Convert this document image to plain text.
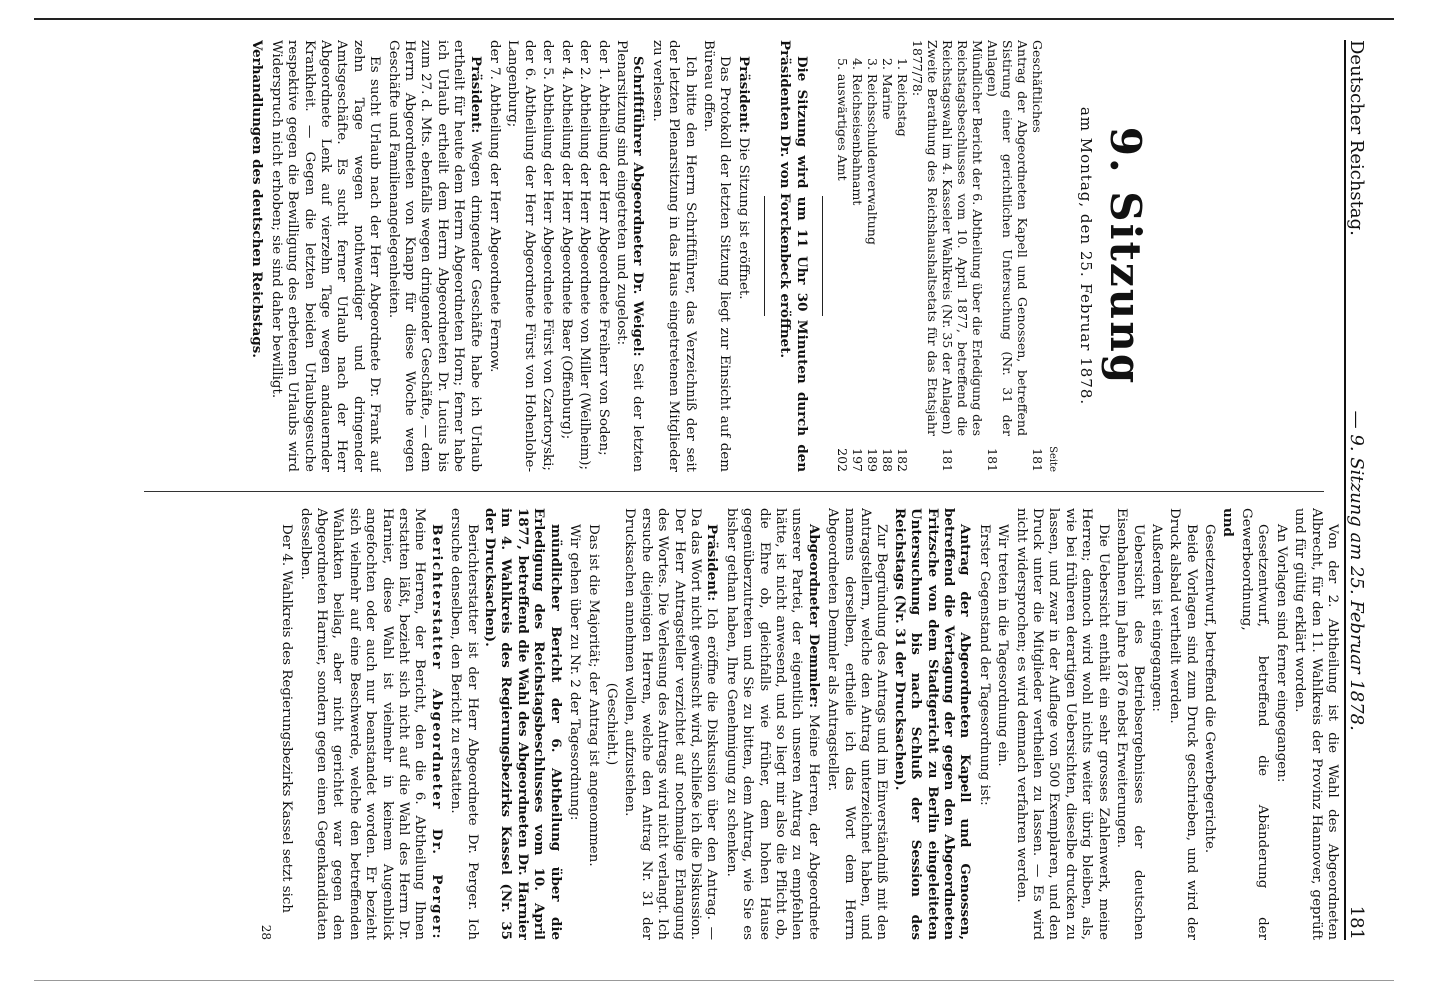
Deutscher Reichstag.
— 9. Sitzung am 25. Februar 1878.
181
9. Sitzung
am Montag, den 25. Februar 1878.
	Seite
Geschäftliches	181
Antrag der Abgeordneten Kapell und Genossen, betreffend Sistirung einer gerichtlichen Untersuchung (Nr. 31 der Anlagen)	181
Mündlicher Bericht der 6. Abtheilung über die Erledigung des Reichstagsbeschlusses vom 10. April 1877, betreffend die Reichstagswahl im 4. Kasseler Wahlkreis (Nr. 35 der Anlagen)	181
Zweite Berathung des Reichshaushaltsetats für das Etatsjahr 1877/78:	
1. Reichstag	182
2. Marine	188
3. Reichsschuldenverwaltung	189
4. Reichseisenbahnamt	197
5. auswärtiges Amt	202

Die Sitzung wird um 11 Uhr 30 Minuten durch den Präsidenten Dr. von Forckenbeck eröffnet.

Präsident: Die Sitzung ist eröffnet.

Das Protokoll der letzten Sitzung liegt zur Einsicht auf dem Büreau offen.

Ich bitte den Herrn Schriftführer, das Verzeichniß der seit der letzten Plenarsitzung in das Haus eingetretenen Mitglieder zu verlesen.

Schriftführer Abgeordneter Dr. Weigel: Seit der letzten Plenarsitzung sind eingetreten und zugelost:

der 1. Abtheilung der Herr Abgeordnete Freiherr von Soden;

der 2. Abtheilung der Herr Abgeordnete von Miller (Weilheim);

der 4. Abtheilung der Herr Abgeordnete Baer (Offenburg);

der 5. Abtheilung der Herr Abgeordnete Fürst von Czartoryski;

der 6. Abtheilung der Herr Abgeordnete Fürst von Hohenlohe-Langenburg;

der 7. Abtheilung der Herr Abgeordnete Fernow.

Präsident: Wegen dringender Geschäfte habe ich Urlaub ertheilt für heute dem Herrn Abgeordneten Horn; ferner habe ich Urlaub ertheilt dem Herrn Abgeordneten Dr. Lucius bis zum 27. d. Mts. ebenfalls wegen dringender Geschäfte, — dem Herrn Abgeordneten von Knapp für diese Woche wegen Geschäfte und Familienangelegenheiten.

Es sucht Urlaub nach der Herr Abgeordnete Dr. Frank auf zehn Tage wegen nothwendiger und dringender Amtsgeschäfte. Es sucht ferner Urlaub nach der Herr Abgeordnete Lenk auf vierzehn Tage wegen andauernder Krankheit. — Gegen die letzten beiden Urlaubsgesuche respektive gegen die Bewilligung des erbetenen Urlaubs wird Widerspruch nicht erhoben; sie sind daher bewilligt.

Verhandlungen des deutschen Reichstags.

Von der 2. Abtheilung ist die Wahl des Abgeordneten Albrecht, für den 11. Wahlkreis der Provinz Hannover, geprüft und für gültig erklärt worden.

An Vorlagen sind ferner eingegangen:

Gesetzentwurf, betreffend die Abänderung der Gewerbeordnung,

und

Gesetzentwurf, betreffend die Gewerbegerichte.

Beide Vorlagen sind zum Druck geschrieben, und wird der Druck alsbald vertheilt werden.

Außerdem ist eingegangen:

Uebersicht des Betriebsergebnisses der deutschen Eisenbahnen im Jahre 1876 nebst Erweiterungen.

Die Uebersicht enthält ein sehr grosses Zahlenwerk, meine Herren; dennoch wird wohl nichts weiter übrig bleiben, als, wie bei früheren derartigen Uebersichten, dieselbe drucken zu lassen, und zwar in der Auflage von 500 Exemplaren, und den Druck unter die Mitglieder vertheilen zu lassen. — Es wird nicht widersprochen; es wird demnach verfahren werden.

Wir treten in die Tagesordnung ein.

Erster Gegenstand der Tagesordnung ist:

Antrag der Abgeordneten Kapell und Genossen, betreffend die Vertagung der gegen den Abgeordneten Fritzsche von dem Stadtgericht zu Berlin eingeleiteten Untersuchung bis nach Schluß der Session des Reichstags (Nr. 31 der Drucksachen).

Zur Begründung des Antrags und im Einverständniß mit den Antragstellern, welche den Antrag unterzeichnet haben, und namens derselben, ertheile ich das Wort dem Herrn Abgeordneten Demmler als Antragsteller.

Abgeordneter Demmler: Meine Herren, der Abgeordnete unserer Partei, der eigentlich unseren Antrag zu empfehlen hätte, ist nicht anwesend, und so liegt mir also die Pflicht ob, die Ehre ob, gleichfalls wie früher, dem hohen Hause gegenüberzutreten und Sie zu bitten, dem Antrag, wie Sie es bisher gethan haben, Ihre Genehmigung zu schenken.

Präsident: Ich eröffne die Diskussion über den Antrag. — Da das Wort nicht gewünscht wird, schließe ich die Diskussion. Der Herr Antragsteller verzichtet auf nochmalige Erlangung des Wortes. Die Verlesung des Antrags wird nicht verlangt. Ich ersuche diejenigen Herren, welche den Antrag Nr. 31 der Drucksachen annehmen wollen, aufzustehen.

(Geschieht.)

Das ist die Majorität; der Antrag ist angenommen.

Wir gehen über zu Nr. 2 der Tagesordnung:

mündlicher Bericht der 6. Abtheilung über die Erledigung des Reichstagsbeschlusses vom 10. April 1877, betreffend die Wahl des Abgeordneten Dr. Harnier im 4. Wahlkreis des Regierungsbezirks Kassel (Nr. 35 der Drucksachen).

Berichterstatter ist der Herr Abgeordnete Dr. Perger. Ich ersuche denselben, den Bericht zu erstatten.

Berichterstatter Abgeordneter Dr. Perger: Meine Herren, der Bericht, den die 6. Abtheilung Ihnen erstatten läßt, bezieht sich nicht auf die Wahl des Herrn Dr. Harnier, diese Wahl ist vielmehr in keinem Augenblick angefochten oder auch nur beanstandet worden. Er bezieht sich vielmehr auf eine Beschwerde, welche den betreffenden Wahlakten beilag, aber nicht gerichtet war gegen den Abgeordneten Harnier, sondern gegen einen Gegenkandidaten desselben.

Der 4. Wahlkreis des Regierungsbezirks Kassel setzt sich

28
